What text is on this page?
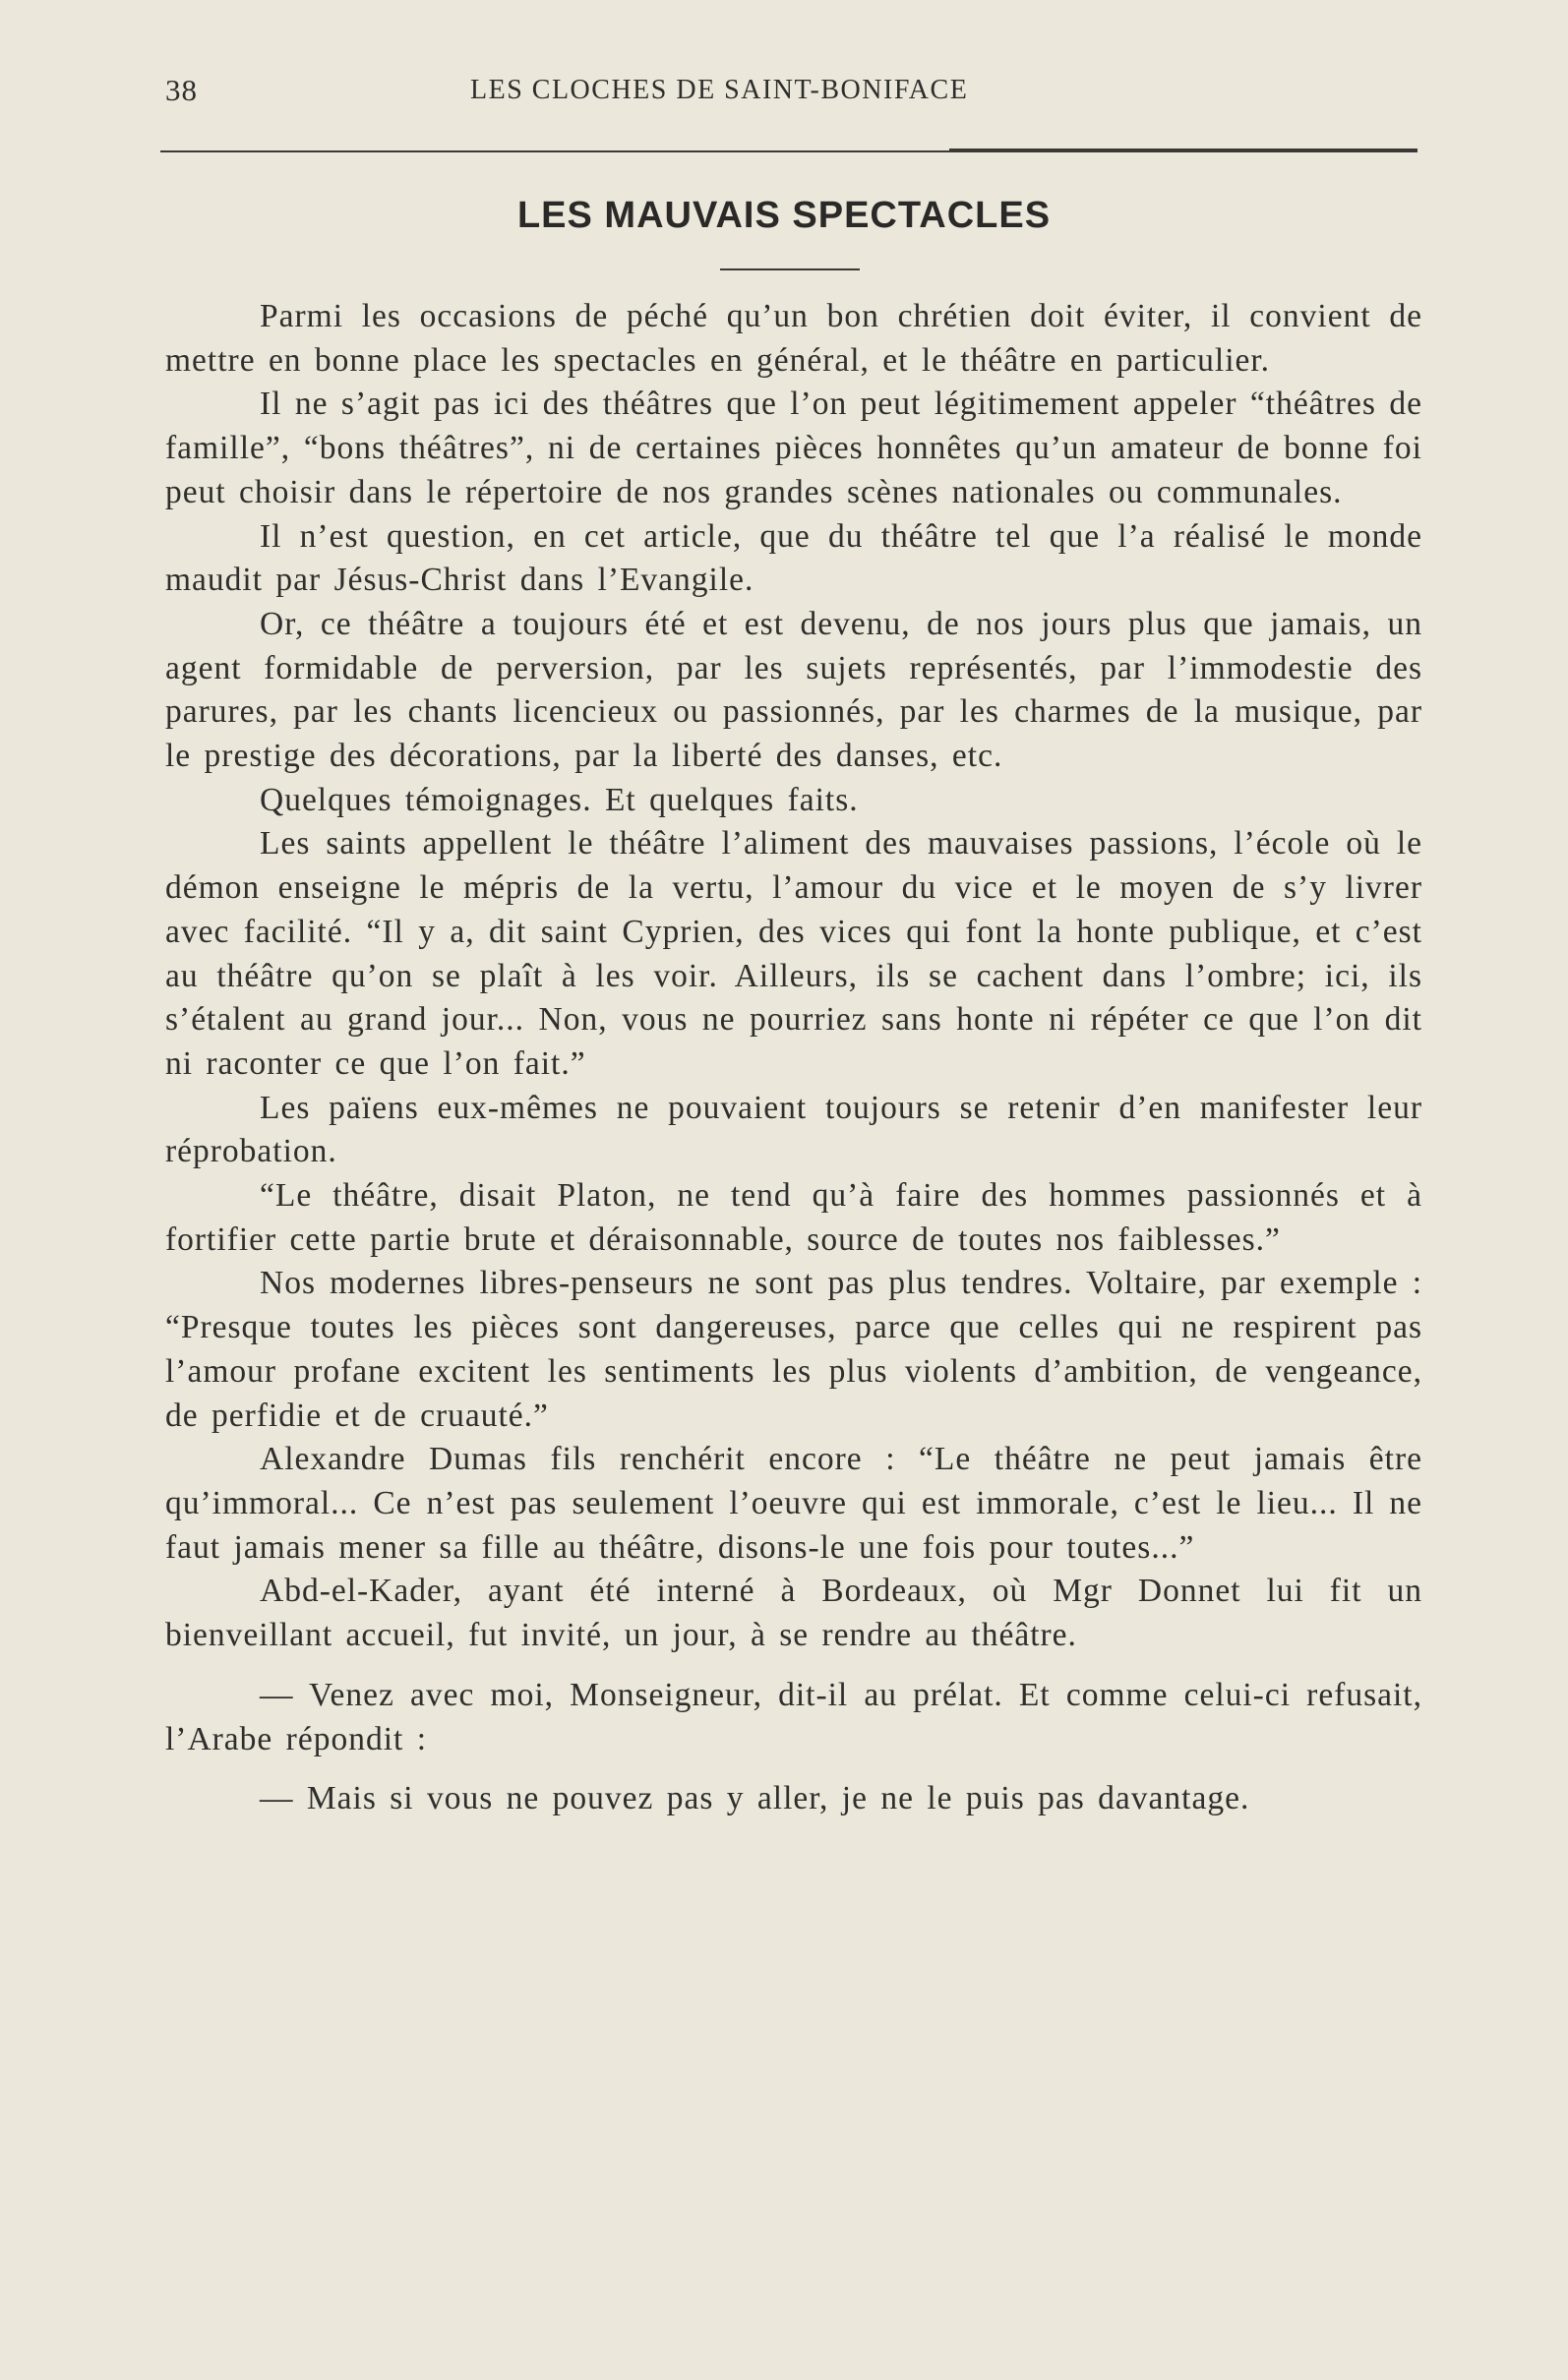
38	LES CLOCHES DE SAINT-BONIFACE
LES MAUVAIS SPECTACLES

Parmi les occasions de péché qu’un bon chrétien doit éviter, il convient de mettre en bonne place les spectacles en général, et le théâtre en particulier.

Il ne s’agit pas ici des théâtres que l’on peut légitimement appeler “théâtres de famille”, “bons théâtres”, ni de certaines pièces honnêtes qu’un amateur de bonne foi peut choisir dans le répertoire de nos grandes scènes nationales ou communales.

Il n’est question, en cet article, que du théâtre tel que l’a réalisé le monde maudit par Jésus-Christ dans l’Evangile.

Or, ce théâtre a toujours été et est devenu, de nos jours plus que jamais, un agent formidable de perversion, par les sujets représentés, par l’immodestie des parures, par les chants licencieux ou passionnés, par les charmes de la musique, par le prestige des décorations, par la liberté des danses, etc.

Quelques témoignages. Et quelques faits.

Les saints appellent le théâtre l’aliment des mauvaises passions, l’école où le démon enseigne le mépris de la vertu, l’amour du vice et le moyen de s’y livrer avec facilité. “Il y a, dit saint Cyprien, des vices qui font la honte publique, et c’est au théâtre qu’on se plaît à les voir. Ailleurs, ils se cachent dans l’ombre; ici, ils s’étalent au grand jour... Non, vous ne pourriez sans honte ni répéter ce que l’on dit ni raconter ce que l’on fait.”

Les païens eux-mêmes ne pouvaient toujours se retenir d’en manifester leur réprobation.

“Le théâtre, disait Platon, ne tend qu’à faire des hommes passionnés et à fortifier cette partie brute et déraisonnable, source de toutes nos faiblesses.”

Nos modernes libres-penseurs ne sont pas plus tendres. Voltaire, par exemple : “Presque toutes les pièces sont dangereuses, parce que celles qui ne respirent pas l’amour profane excitent les sentiments les plus violents d’ambition, de vengeance, de perfidie et de cruauté.”

Alexandre Dumas fils renchérit encore : “Le théâtre ne peut jamais être qu’immoral... Ce n’est pas seulement l’oeuvre qui est immorale, c’est le lieu... Il ne faut jamais mener sa fille au théâtre, disons-le une fois pour toutes...”

Abd-el-Kader, ayant été interné à Bordeaux, où Mgr Donnet lui fit un bienveillant accueil, fut invité, un jour, à se rendre au théâtre.

— Venez avec moi, Monseigneur, dit-il au prélat. Et comme celui-ci refusait, l’Arabe répondit :

— Mais si vous ne pouvez pas y aller, je ne le puis pas davantage.
